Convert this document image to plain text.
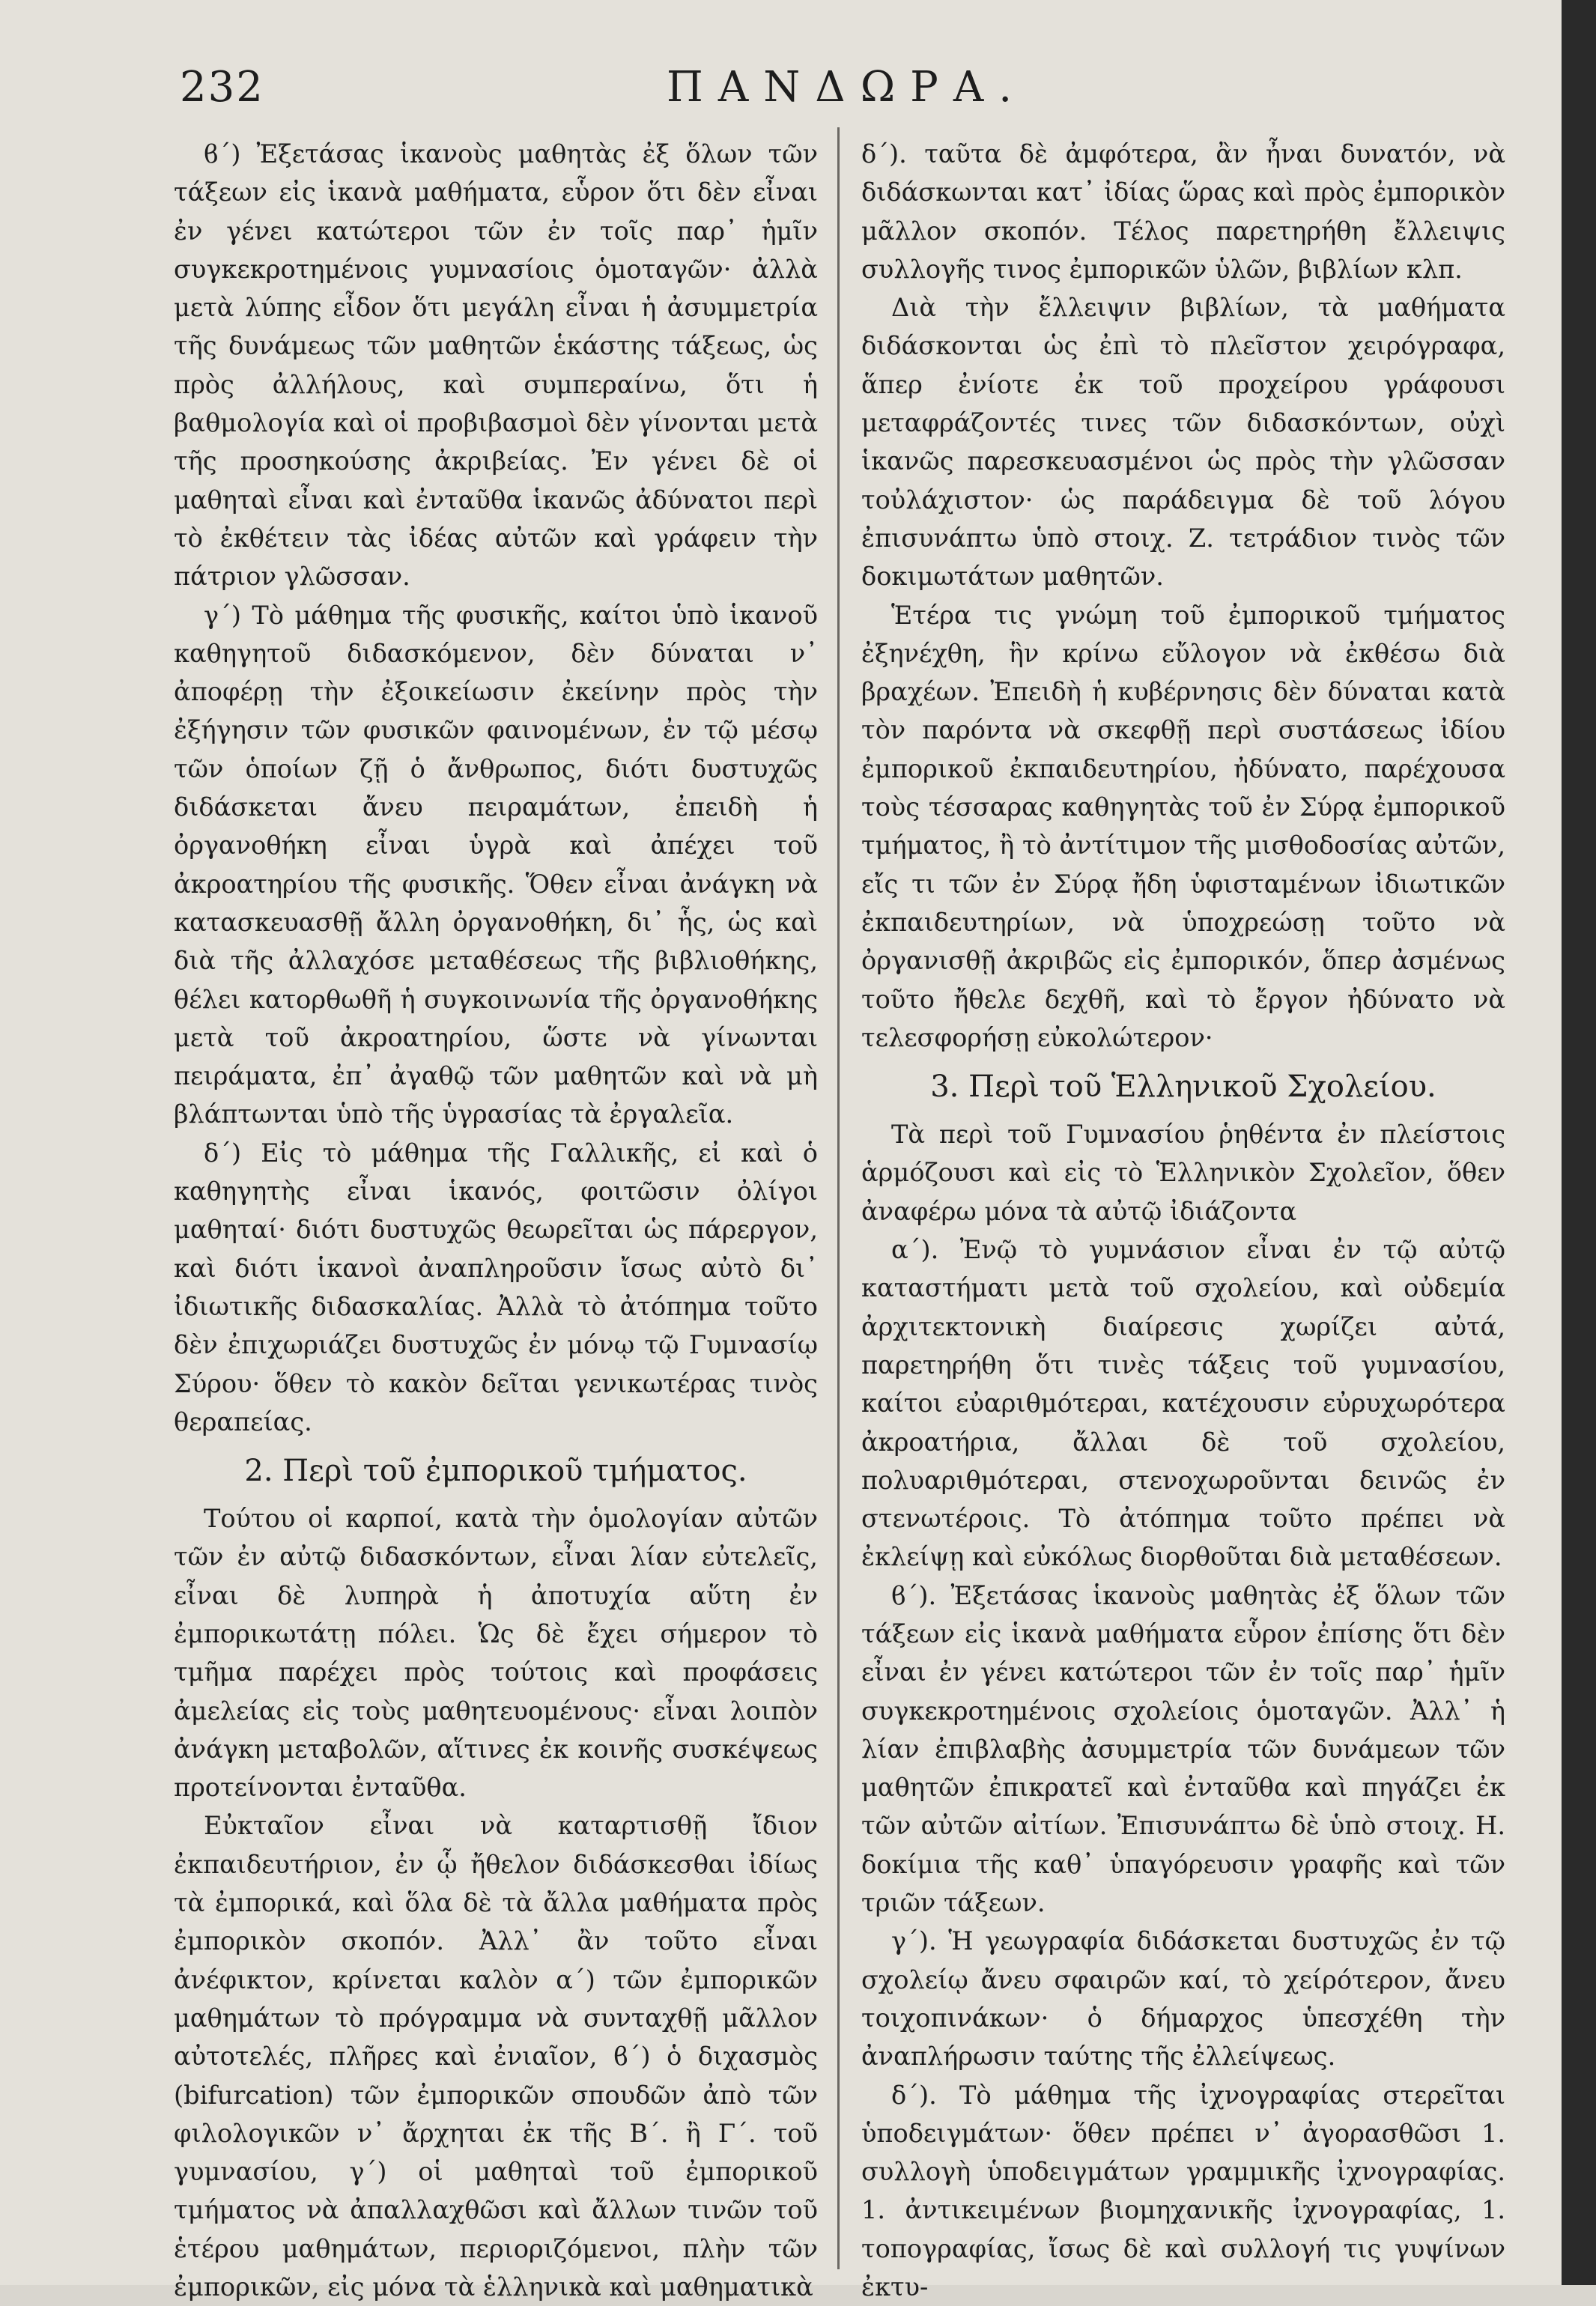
232	ΠΑΝΔΩΡΑ.

ϐ΄) Ἐξετάσας ἱκανοὺς μαθητὰς ἐξ ὅλων τῶν τάξεων εἰς ἱκανὰ μαθήματα, εὗρον ὅτι δὲν εἶναι ἐν γένει κατώτεροι τῶν ἐν τοῖς παρ᾽ ἡμῖν συγκεκροτημένοις γυμνασίοις ὁμοταγῶν· ἀλλὰ μετὰ λύπης εἶδον ὅτι μεγάλη εἶναι ἡ ἀσυμμετρία τῆς δυνάμεως τῶν μαθητῶν ἑκάστης τάξεως, ὡς πρὸς ἀλλήλους, καὶ συμπεραίνω, ὅτι ἡ βαθμολογία καὶ οἱ προβιβασμοὶ δὲν γίνονται μετὰ τῆς προσηκούσης ἀκριβείας. Ἐν γένει δὲ οἱ μαθηταὶ εἶναι καὶ ἐνταῦθα ἱκανῶς ἀδύνατοι περὶ τὸ ἐκθέτειν τὰς ἰδέας αὐτῶν καὶ γράφειν τὴν πάτριον γλῶσσαν.

γ΄) Τὸ μάθημα τῆς φυσικῆς, καίτοι ὑπὸ ἱκανοῦ καθηγητοῦ διδασκόμενον, δὲν δύναται ν᾽ ἀποφέρῃ τὴν ἐξοικείωσιν ἐκείνην πρὸς τὴν ἐξήγησιν τῶν φυσικῶν φαινομένων, ἐν τῷ μέσῳ τῶν ὁποίων ζῇ ὁ ἄνθρωπος, διότι δυστυχῶς διδάσκεται ἄνευ πειραμάτων, ἐπειδὴ ἡ ὀργανοθήκη εἶναι ὑγρὰ καὶ ἀπέχει τοῦ ἀκροατηρίου τῆς φυσικῆς. Ὅθεν εἶναι ἀνάγκη νὰ κατασκευασθῇ ἄλλη ὀργανοθήκη, δι᾽ ἧς, ὡς καὶ διὰ τῆς ἀλλαχόσε μεταθέσεως τῆς βιβλιοθήκης, θέλει κατορθωθῆ ἡ συγκοινωνία τῆς ὀργανοθήκης μετὰ τοῦ ἀκροατηρίου, ὥστε νὰ γίνωνται πειράματα, ἐπ᾽ ἀγαθῷ τῶν μαθητῶν καὶ νὰ μὴ βλάπτωνται ὑπὸ τῆς ὑγρασίας τὰ ἐργαλεῖα.

δ΄) Εἰς τὸ μάθημα τῆς Γαλλικῆς, εἰ καὶ ὁ καθηγητὴς εἶναι ἱκανός, φοιτῶσιν ὀλίγοι μαθηταί· διότι δυστυχῶς θεωρεῖται ὡς πάρεργον, καὶ διότι ἱκανοὶ ἀναπληροῦσιν ἴσως αὐτὸ δι᾽ ἰδιωτικῆς διδασκαλίας. Ἀλλὰ τὸ ἀτόπημα τοῦτο δὲν ἐπιχωριάζει δυστυχῶς ἐν μόνῳ τῷ Γυμνασίῳ Σύρου· ὅθεν τὸ κακὸν δεῖται γενικωτέρας τινὸς θεραπείας.

2. Περὶ τοῦ ἐμπορικοῦ τμήματος.

Τούτου οἱ καρποί, κατὰ τὴν ὁμολογίαν αὐτῶν τῶν ἐν αὐτῷ διδασκόντων, εἶναι λίαν εὐτελεῖς, εἶναι δὲ λυπηρὰ ἡ ἀποτυχία αὕτη ἐν ἐμπορικωτάτῃ πόλει. Ὡς δὲ ἔχει σήμερον τὸ τμῆμα παρέχει πρὸς τούτοις καὶ προφάσεις ἀμελείας εἰς τοὺς μαθητευομένους· εἶναι λοιπὸν ἀνάγκη μεταβολῶν, αἵτινες ἐκ κοινῆς συσκέψεως προτείνονται ἐνταῦθα.

Εὐκταῖον εἶναι νὰ καταρτισθῇ ἴδιον ἐκπαιδευτήριον, ἐν ᾧ ἤθελον διδάσκεσθαι ἰδίως τὰ ἐμπορικά, καὶ ὅλα δὲ τὰ ἄλλα μαθήματα πρὸς ἐμπορικὸν σκοπόν. Ἀλλ᾽ ἂν τοῦτο εἶναι ἀνέφικτον, κρίνεται καλὸν α΄) τῶν ἐμπορικῶν μαθημάτων τὸ πρόγραμμα νὰ συνταχθῇ μᾶλλον αὐτοτελές, πλῆρες καὶ ἐνιαῖον, ϐ΄) ὁ διχασμὸς (bifurcation) τῶν ἐμπορικῶν σπουδῶν ἀπὸ τῶν φιλολογικῶν ν᾽ ἄρχηται ἐκ τῆς Β΄. ἢ Γ΄. τοῦ γυμνασίου, γ΄) οἱ μαθηταὶ τοῦ ἐμπορικοῦ τμήματος νὰ ἀπαλλαχθῶσι καὶ ἄλλων τινῶν τοῦ ἑτέρου μαθημάτων, περιοριζόμενοι, πλὴν τῶν ἐμπορικῶν, εἰς μόνα τὰ ἑλληνικὰ καὶ μαθηματικὰ

δ΄). ταῦτα δὲ ἀμφότερα, ἂν ἦναι δυνατόν, νὰ διδάσκωνται κατ᾽ ἰδίας ὥρας καὶ πρὸς ἐμπορικὸν μᾶλλον σκοπόν. Τέλος παρετηρήθη ἔλλειψις συλλογῆς τινος ἐμπορικῶν ὑλῶν, βιβλίων κλπ.

Διὰ τὴν ἔλλειψιν βιβλίων, τὰ μαθήματα διδάσκονται ὡς ἐπὶ τὸ πλεῖστον χειρόγραφα, ἅπερ ἐνίοτε ἐκ τοῦ προχείρου γράφουσι μεταφράζοντές τινες τῶν διδασκόντων, οὐχὶ ἱκανῶς παρεσκευασμένοι ὡς πρὸς τὴν γλῶσσαν τοὐλάχιστον· ὡς παράδειγμα δὲ τοῦ λόγου ἐπισυνάπτω ὑπὸ στοιχ. Ζ. τετράδιον τινὸς τῶν δοκιμωτάτων μαθητῶν.

Ἑτέρα τις γνώμη τοῦ ἐμπορικοῦ τμήματος ἐξηνέχθη, ἣν κρίνω εὔλογον νὰ ἐκθέσω διὰ βραχέων. Ἐπειδὴ ἡ κυβέρνησις δὲν δύναται κατὰ τὸν παρόντα νὰ σκεφθῇ περὶ συστάσεως ἰδίου ἐμπορικοῦ ἐκπαιδευτηρίου, ἠδύνατο, παρέχουσα τοὺς τέσσαρας καθηγητὰς τοῦ ἐν Σύρᾳ ἐμπορικοῦ τμήματος, ἢ τὸ ἀντίτιμον τῆς μισθοδοσίας αὐτῶν, εἴς τι τῶν ἐν Σύρᾳ ἤδη ὑφισταμένων ἰδιωτικῶν ἐκπαιδευτηρίων, νὰ ὑποχρεώσῃ τοῦτο νὰ ὀργανισθῇ ἀκριβῶς εἰς ἐμπορικόν, ὅπερ ἀσμένως τοῦτο ἤθελε δεχθῆ, καὶ τὸ ἔργον ἠδύνατο νὰ τελεσφορήσῃ εὐκολώτερον·

3. Περὶ τοῦ Ἑλληνικοῦ Σχολείου.

Τὰ περὶ τοῦ Γυμνασίου ῥηθέντα ἐν πλείστοις ἁρμόζουσι καὶ εἰς τὸ Ἑλληνικὸν Σχολεῖον, ὅθεν ἀναφέρω μόνα τὰ αὐτῷ ἰδιάζοντα

α΄). Ἐνῷ τὸ γυμνάσιον εἶναι ἐν τῷ αὐτῷ καταστήματι μετὰ τοῦ σχολείου, καὶ οὐδεμία ἀρχιτεκτονικὴ διαίρεσις χωρίζει αὐτά, παρετηρήθη ὅτι τινὲς τάξεις τοῦ γυμνασίου, καίτοι εὐαριθμότεραι, κατέχουσιν εὐρυχωρότερα ἀκροατήρια, ἄλλαι δὲ τοῦ σχολείου, πολυαριθμότεραι, στενοχωροῦνται δεινῶς ἐν στενωτέροις. Τὸ ἀτόπημα τοῦτο πρέπει νὰ ἐκλείψῃ καὶ εὐκόλως διορθοῦται διὰ μεταθέσεων.

ϐ΄). Ἐξετάσας ἱκανοὺς μαθητὰς ἐξ ὅλων τῶν τάξεων εἰς ἱκανὰ μαθήματα εὗρον ἐπίσης ὅτι δὲν εἶναι ἐν γένει κατώτεροι τῶν ἐν τοῖς παρ᾽ ἡμῖν συγκεκροτημένοις σχολείοις ὁμοταγῶν. Ἀλλ᾽ ἡ λίαν ἐπιβλαβὴς ἀσυμμετρία τῶν δυνάμεων τῶν μαθητῶν ἐπικρατεῖ καὶ ἐνταῦθα καὶ πηγάζει ἐκ τῶν αὐτῶν αἰτίων. Ἐπισυνάπτω δὲ ὑπὸ στοιχ. Η. δοκίμια τῆς καθ᾽ ὑπαγόρευσιν γραφῆς καὶ τῶν τριῶν τάξεων.

γ΄). Ἡ γεωγραφία διδάσκεται δυστυχῶς ἐν τῷ σχολείῳ ἄνευ σφαιρῶν καί, τὸ χείρότερον, ἄνευ τοιχοπινάκων· ὁ δήμαρχος ὑπεσχέθη τὴν ἀναπλήρωσιν ταύτης τῆς ἐλλείψεως.

δ΄). Τὸ μάθημα τῆς ἰχνογραφίας στερεῖται ὑποδειγμάτων· ὅθεν πρέπει ν᾽ ἀγορασθῶσι 1. συλλογὴ ὑποδειγμάτων γραμμικῆς ἰχνογραφίας. 1. ἀντικειμένων βιομηχανικῆς ἰχνογραφίας, 1. τοπογραφίας, ἴσως δὲ καὶ συλλογή τις γυψίνων ἐκτυ-
